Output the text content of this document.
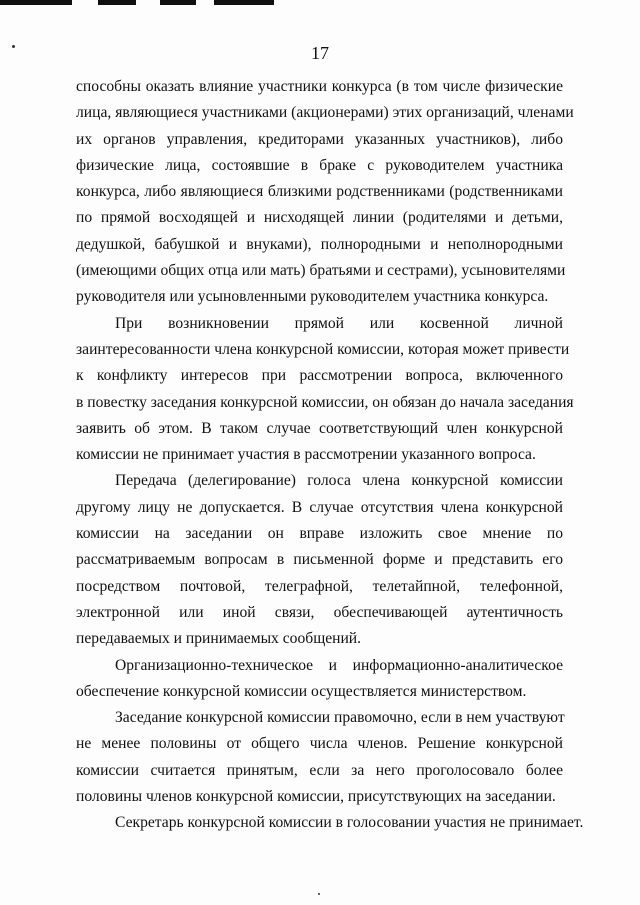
17

способны оказать влияние участники конкурса (в том числе физические
лица, являющиеся участниками (акционерами) этих организаций, членами
их органов управления, кредиторами указанных участников), либо
физические лица, состоявшие в браке с руководителем участника
конкурса, либо являющиеся близкими родственниками (родственниками
по прямой восходящей и нисходящей линии (родителями и детьми,
дедушкой, бабушкой и внуками), полнородными и неполнородными
(имеющими общих отца или мать) братьями и сестрами), усыновителями
руководителя или усыновленными руководителем участника конкурса.

При возникновении прямой или косвенной личной
заинтересованности члена конкурсной комиссии, которая может привести
к конфликту интересов при рассмотрении вопроса, включенного
в повестку заседания конкурсной комиссии, он обязан до начала заседания
заявить об этом. В таком случае соответствующий член конкурсной
комиссии не принимает участия в рассмотрении указанного вопроса.

Передача (делегирование) голоса члена конкурсной комиссии
другому лицу не допускается. В случае отсутствия члена конкурсной
комиссии на заседании он вправе изложить свое мнение по
рассматриваемым вопросам в письменной форме и представить его
посредством почтовой, телеграфной, телетайпной, телефонной,
электронной или иной связи, обеспечивающей аутентичность
передаваемых и принимаемых сообщений.

Организационно-техническое и информационно-аналитическое
обеспечение конкурсной комиссии осуществляется министерством.

Заседание конкурсной комиссии правомочно, если в нем участвуют
не менее половины от общего числа членов. Решение конкурсной
комиссии считается принятым, если за него проголосовало более
половины членов конкурсной комиссии, присутствующих на заседании.

Секретарь конкурсной комиссии в голосовании участия не принимает.
